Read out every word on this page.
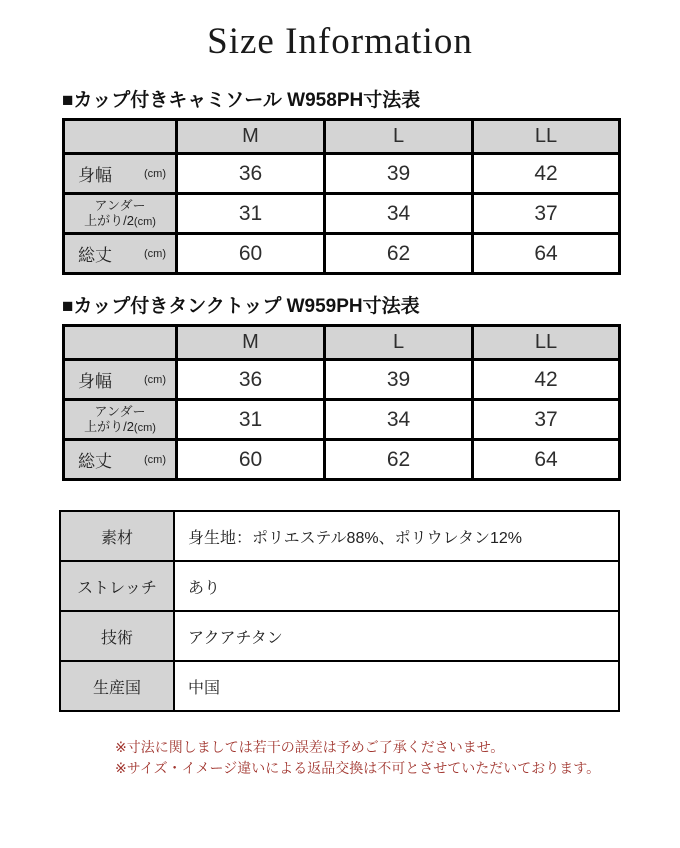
Size Information
■カップ付きキャミソール W958PH寸法表
	M	L	LL

身幅 (cm)	36	39	42

アンダー
上がり/2(cm)	31	34	37

総丈 (cm)	60	62	64
■カップ付きタンクトップ W959PH寸法表
	M	L	LL

身幅 (cm)	36	39	42

アンダー
上がり/2(cm)	31	34	37

総丈 (cm)	60	62	64
素材	身生地：ポリエステル88%、ポリウレタン12%
ストレッチ	あり
技術	アクアチタン
生産国	中国
※寸法に関しましては若干の誤差は予めご了承くださいませ。
※サイズ・イメージ違いによる返品交換は不可とさせていただいております。
